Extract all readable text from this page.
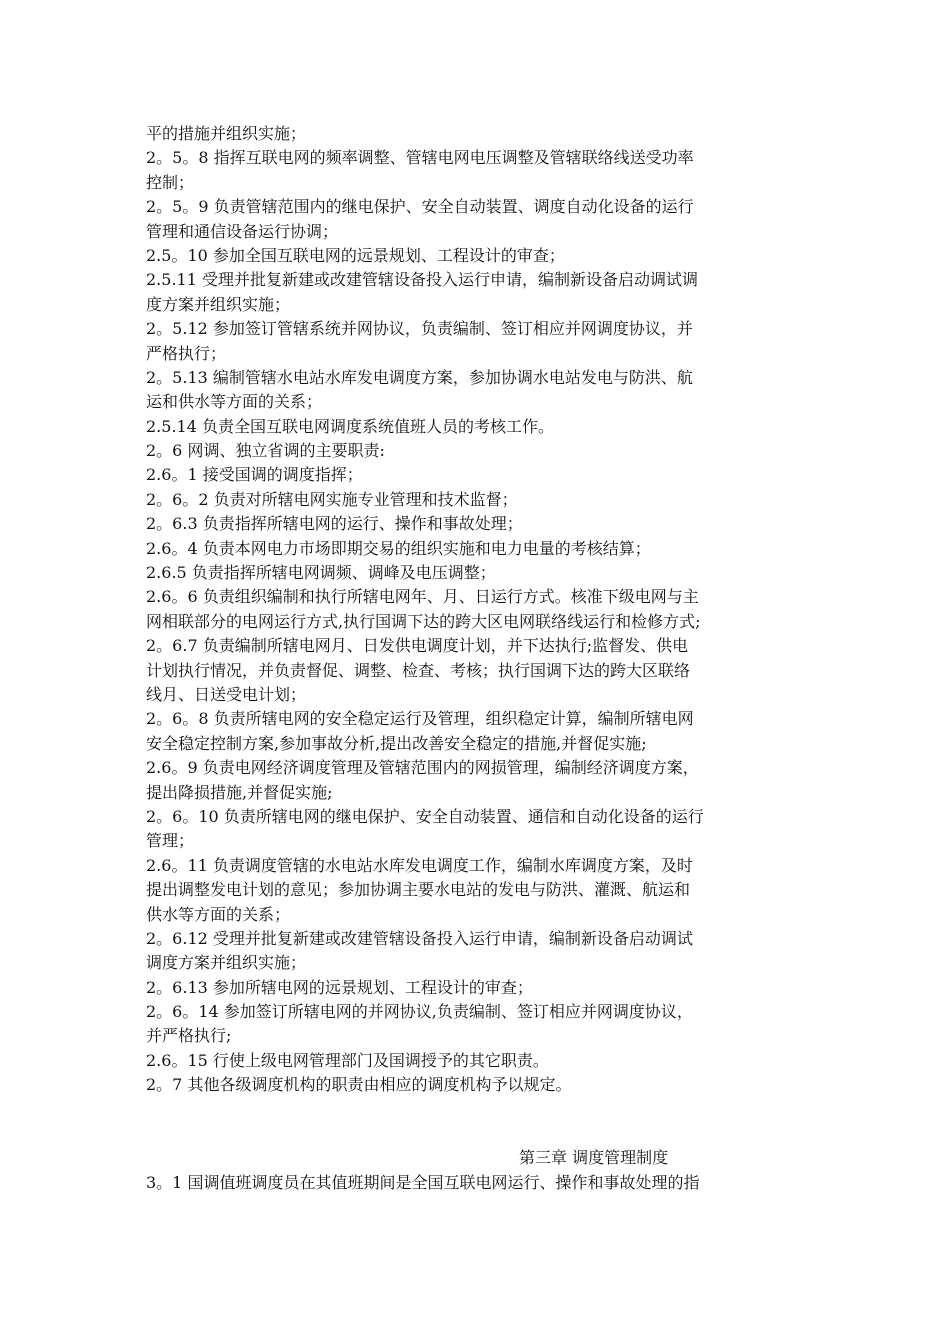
平的措施并组织实施；
2。5。8 指挥互联电网的频率调整、管辖电网电压调整及管辖联络线送受功率
控制；
2。5。9 负责管辖范围内的继电保护、安全自动装置、调度自动化设备的运行
管理和通信设备运行协调；
2.5。10 参加全国互联电网的远景规划、工程设计的审查；
2.5.11 受理并批复新建或改建管辖设备投入运行申请，编制新设备启动调试调
度方案并组织实施；
2。5.12 参加签订管辖系统并网协议，负责编制、签订相应并网调度协议，并
严格执行；
2。5.13 编制管辖水电站水库发电调度方案，参加协调水电站发电与防洪、航
运和供水等方面的关系；
2.5.14 负责全国互联电网调度系统值班人员的考核工作。
2。6 网调、独立省调的主要职责:
2.6。1 接受国调的调度指挥；
2。6。2 负责对所辖电网实施专业管理和技术监督；
2。6.3 负责指挥所辖电网的运行、操作和事故处理；
2.6。4 负责本网电力市场即期交易的组织实施和电力电量的考核结算；
2.6.5 负责指挥所辖电网调频、调峰及电压调整；
2.6。6 负责组织编制和执行所辖电网年、月、日运行方式。核准下级电网与主
网相联部分的电网运行方式,执行国调下达的跨大区电网联络线运行和检修方式;
2。6.7 负责编制所辖电网月、日发供电调度计划，并下达执行;监督发、供电
计划执行情况，并负责督促、调整、检查、考核；执行国调下达的跨大区联络
线月、日送受电计划；
2。6。8 负责所辖电网的安全稳定运行及管理，组织稳定计算，编制所辖电网
安全稳定控制方案,参加事故分析,提出改善安全稳定的措施,并督促实施;
2.6。9 负责电网经济调度管理及管辖范围内的网损管理，编制经济调度方案，
提出降损措施,并督促实施;
2。6。10 负责所辖电网的继电保护、安全自动装置、通信和自动化设备的运行
管理；
2.6。11 负责调度管辖的水电站水库发电调度工作，编制水库调度方案，及时
提出调整发电计划的意见；参加协调主要水电站的发电与防洪、灌溉、航运和
供水等方面的关系；
2。6.12 受理并批复新建或改建管辖设备投入运行申请，编制新设备启动调试
调度方案并组织实施；
2。6.13 参加所辖电网的远景规划、工程设计的审查；
2。6。14 参加签订所辖电网的并网协议,负责编制、签订相应并网调度协议，
并严格执行;
2.6。15 行使上级电网管理部门及国调授予的其它职责。
2。7 其他各级调度机构的职责由相应的调度机构予以规定。
第三章 调度管理制度
3。1 国调值班调度员在其值班期间是全国互联电网运行、操作和事故处理的指
